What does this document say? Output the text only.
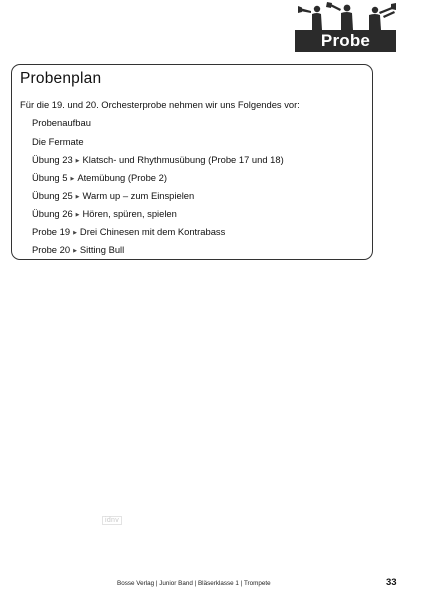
Probe 19+20
Probenplan
Für die 19. und 20. Orchesterprobe nehmen wir uns Folgendes vor:
Probenaufbau
Die Fermate
Übung 23 ▶ Klatsch- und Rhythmusübung (Probe 17 und 18)
Übung 5 ▶ Atemübung (Probe 2)
Übung 25 ▶ Warm up – zum Einspielen
Übung 26 ▶ Hören, spüren, spielen
Probe 19 ▶ Drei Chinesen mit dem Kontrabass
Probe 20 ▶ Sitting Bull
idnv
Bosse Verlag | Junior Band | Bläserklasse 1 | Trompete	33
